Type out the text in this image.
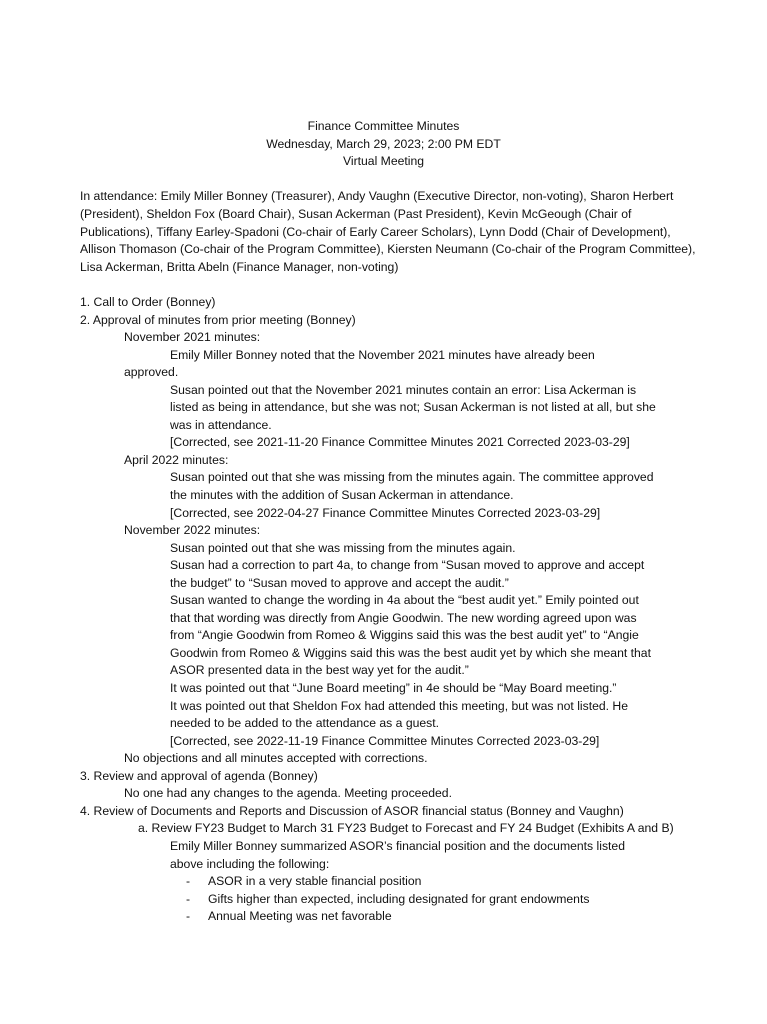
Finance Committee Minutes
Wednesday, March 29, 2023; 2:00 PM EDT
Virtual Meeting
In attendance: Emily Miller Bonney (Treasurer), Andy Vaughn (Executive Director, non-voting), Sharon Herbert (President), Sheldon Fox (Board Chair), Susan Ackerman (Past President), Kevin McGeough (Chair of Publications), Tiffany Earley-Spadoni (Co-chair of Early Career Scholars), Lynn Dodd (Chair of Development), Allison Thomason (Co-chair of the Program Committee), Kiersten Neumann (Co-chair of the Program Committee), Lisa Ackerman, Britta Abeln (Finance Manager, non-voting)
1. Call to Order (Bonney)
2. Approval of minutes from prior meeting (Bonney)
November 2021 minutes:
Emily Miller Bonney noted that the November 2021 minutes have already been
approved.
Susan pointed out that the November 2021 minutes contain an error: Lisa Ackerman is
listed as being in attendance, but she was not; Susan Ackerman is not listed at all, but she
was in attendance.
[Corrected, see 2021-11-20 Finance Committee Minutes 2021 Corrected 2023-03-29]
April 2022 minutes:
Susan pointed out that she was missing from the minutes again. The committee approved
the minutes with the addition of Susan Ackerman in attendance.
[Corrected, see 2022-04-27 Finance Committee Minutes Corrected 2023-03-29]
November 2022 minutes:
Susan pointed out that she was missing from the minutes again.
Susan had a correction to part 4a, to change from “Susan moved to approve and accept
the budget” to “Susan moved to approve and accept the audit.”
Susan wanted to change the wording in 4a about the “best audit yet.” Emily pointed out
that that wording was directly from Angie Goodwin. The new wording agreed upon was
from “Angie Goodwin from Romeo & Wiggins said this was the best audit yet” to “Angie
Goodwin from Romeo & Wiggins said this was the best audit yet by which she meant that
ASOR presented data in the best way yet for the audit.”
It was pointed out that “June Board meeting” in 4e should be “May Board meeting.”
It was pointed out that Sheldon Fox had attended this meeting, but was not listed. He
needed to be added to the attendance as a guest.
[Corrected, see 2022-11-19 Finance Committee Minutes Corrected 2023-03-29]
No objections and all minutes accepted with corrections.
3. Review and approval of agenda (Bonney)
No one had any changes to the agenda. Meeting proceeded.
4. Review of Documents and Reports and Discussion of ASOR financial status (Bonney and Vaughn)
a. Review FY23 Budget to March 31 FY23 Budget to Forecast and FY 24 Budget (Exhibits A and B)
Emily Miller Bonney summarized ASOR’s financial position and the documents listed
above including the following:
- ASOR in a very stable financial position
- Gifts higher than expected, including designated for grant endowments
- Annual Meeting was net favorable
